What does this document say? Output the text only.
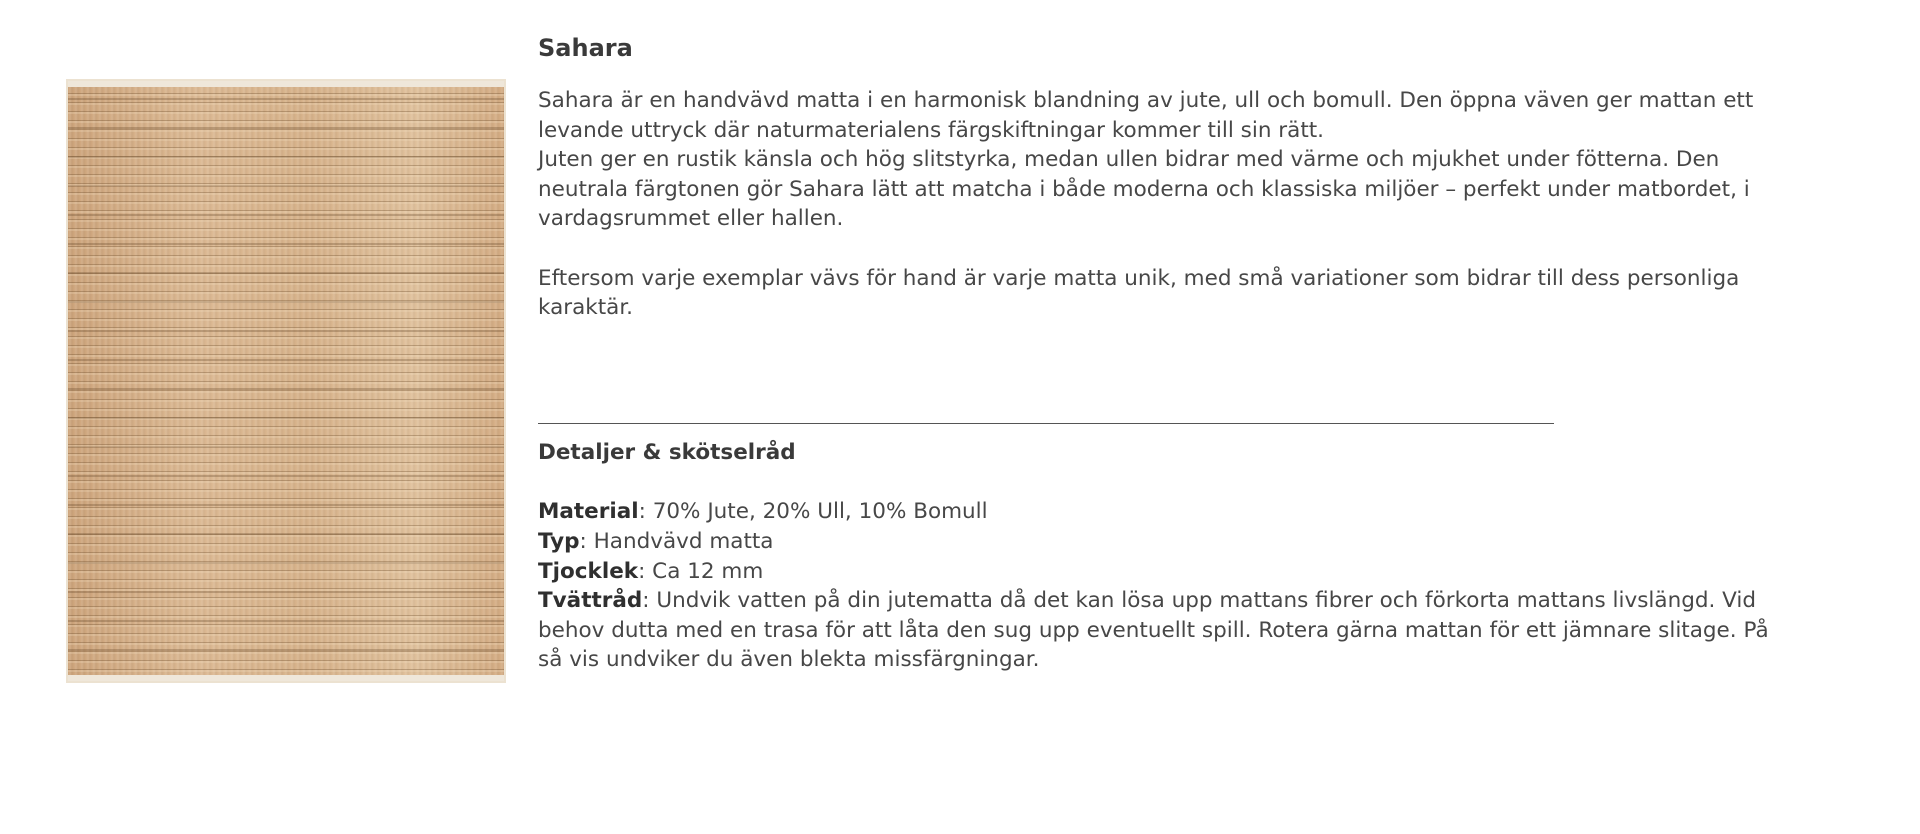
Sahara

Sahara är en handvävd matta i en harmonisk blandning av jute, ull och bomull. Den öppna väven ger mattan ett levande uttryck där naturmaterialens färgskiftningar kommer till sin rätt.

Juten ger en rustik känsla och hög slitstyrka, medan ullen bidrar med värme och mjukhet under fötterna. Den neutrala färgtonen gör Sahara lätt att matcha i både moderna och klassiska miljöer – perfekt under matbordet, i vardagsrummet eller hallen.

Eftersom varje exemplar vävs för hand är varje matta unik, med små variationer som bidrar till dess personliga karaktär.

Detaljer & skötselråd
Material: 70% Jute, 20% Ull, 10% Bomull
Typ: Handvävd matta
Tjocklek: Ca 12 mm
Tvättråd: Undvik vatten på din jutematta då det kan lösa upp mattans fibrer och förkorta mattans livslängd. Vid behov dutta med en trasa för att låta den sug upp eventuellt spill. Rotera gärna mattan för ett jämnare slitage. På så vis undviker du även blekta missfärgningar.
